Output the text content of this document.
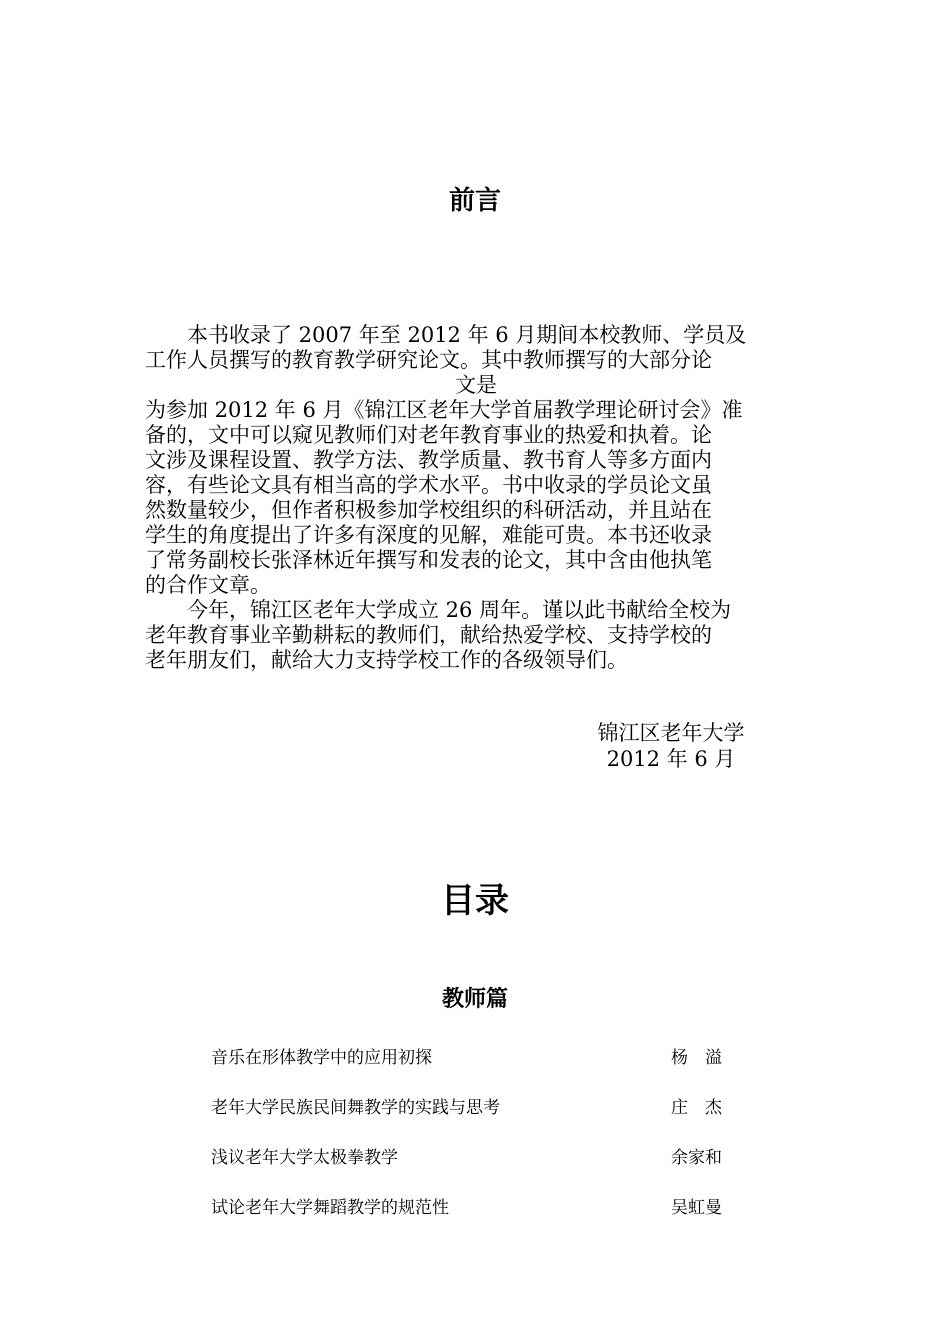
前言
　　本书收录了 2007 年至 2012 年 6 月期间本校教师、学员及
工作人员撰写的教育教学研究论文。其中教师撰写的大部分论
文是
为参加 2012 年 6 月《锦江区老年大学首届教学理论研讨会》准
备的，文中可以窥见教师们对老年教育事业的热爱和执着。论
文涉及课程设置、教学方法、教学质量、教书育人等多方面内
容，有些论文具有相当高的学术水平。书中收录的学员论文虽
然数量较少，但作者积极参加学校组织的科研活动，并且站在
学生的角度提出了许多有深度的见解，难能可贵。本书还收录
了常务副校长张泽林近年撰写和发表的论文，其中含由他执笔
的合作文章。
　　今年，锦江区老年大学成立 26 周年。谨以此书献给全校为
老年教育事业辛勤耕耘的教师们，献给热爱学校、支持学校的
老年朋友们，献给大力支持学校工作的各级领导们。
锦江区老年大学
2012 年 6 月
目录
教师篇
音乐在形体教学中的应用初探	杨　溢
老年大学民族民间舞教学的实践与思考	庄　杰
浅议老年大学太极拳教学	余家和
试论老年大学舞蹈教学的规范性	吴虹曼
